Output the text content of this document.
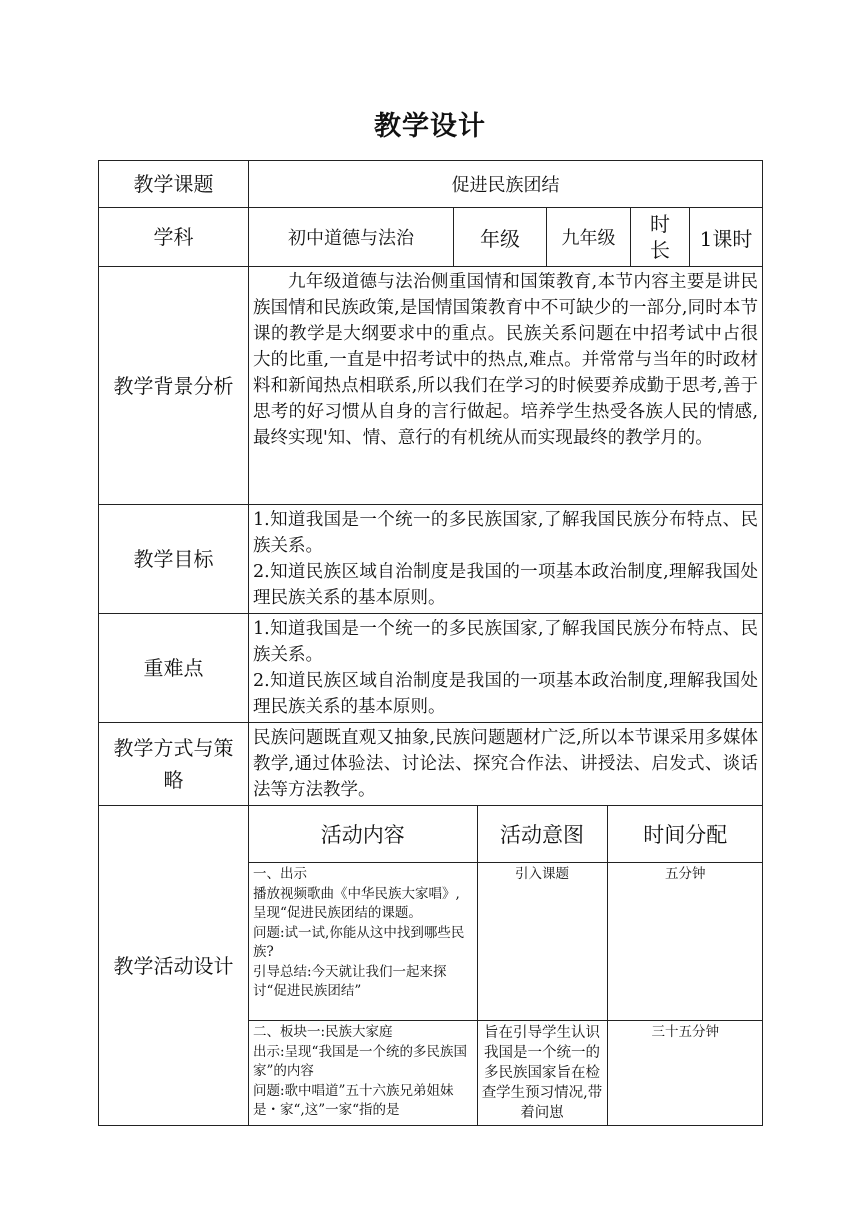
教学设计
教学课题	促进民族团结
学科	初中道德与法治	年级	九年级	时长	1课时
教学背景分析	九年级道德与法治侧重国情和国策教育,本节内容主要是讲民族国情和民族政策,是国情国策教育中不可缺少的一部分,同时本节课的教学是大纲要求中的重点。民族关系问题在中招考试中占很大的比重,一直是中招考试中的热点,难点。并常常与当年的时政材料和新闻热点相联系,所以我们在学习的时候要养成勤于思考,善于思考的好习惯从自身的言行做起。培养学生热受各族人民的情感,最终实现'知、情、意行的有机统从而实现最终的教学月的。
教学目标	
1.知道我国是一个统一的多民族国家,了解我国民族分布特点、民族关系。
2.知道民族区域自治制度是我国的一项基本政治制度,理解我国处理民族关系的基本原则。

重难点	
1.知道我国是一个统一的多民族国家,了解我国民族分布特点、民族关系。
2.知道民族区域自治制度是我国的一项基本政治制度,理解我国处理民族关系的基本原则。

教学方式与策略	民族问题既直观又抽象,民族问题题材广泛,所以本节课采用多媒体教学,通过体验法、讨论法、探究合作法、讲授法、启发式、谈话法等方法教学。
教学活动设计	
活动内容	活动意图	时间分配
一、出示
播放视频歌曲《中华民族大家唱》,呈现“促进民族团结的课题。
问题:试一试,你能从这中找到哪些民族?
引导总结:今天就让我们一起来探讨“促进民族团结”	引入课题	五分钟
二、板块一:民族大家庭
出示:呈现“我国是一个统的多民族国家”的内容
问题:歌中唱道”五十六族兄弟姐妹是・家“,这”一家“指的是	旨在引导学生认识我国是一个统一的多民族国家旨在检查学生预习情况,带着问崽	三十五分钟
